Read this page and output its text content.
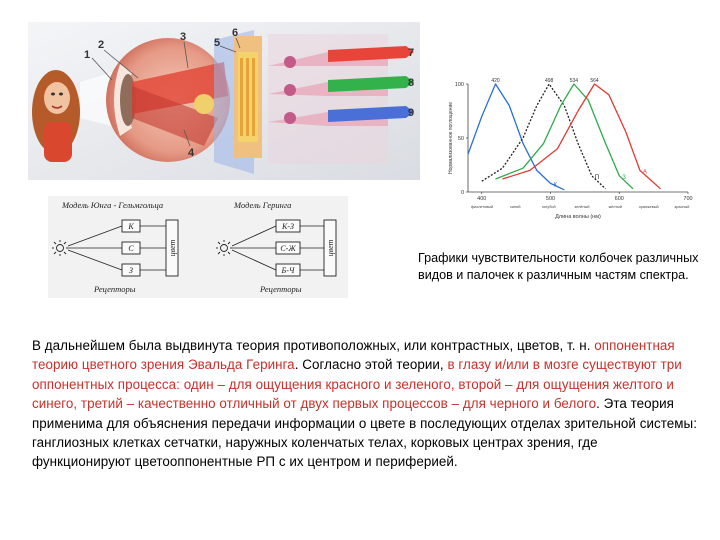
1
2
3
4
5
6
7
8
9
0
50
100
400	500	600	700
Длина волны (нм)
Нормализованное поглощение
фиолетовый	синий	голубой	зелёный	жёлтый	оранжевый	красный
420	498	534 564
К
П	З
А
Модель Юнга - Гельмгольца	Модель Геринга
Рецепторы	Рецепторы
К
С
З
цвет
К-З
С-Ж
Б-Ч
цвет
Графики чувствительности колбочек различных видов и палочек к различным частям спектра.
В дальнейшем была выдвинута теория противоположных, или контрастных, цветов, т. н. оппонентная теорию цветного зрения Эвальда Геринга. Согласно этой теории, в глазу и/или в мозге существуют три оппонентных процесса: один – для ощущения красного и зеленого, второй – для ощущения желтого и синего, третий – качественно отличный от двух первых процессов – для черного и белого. Эта теория применима для объяснения передачи информации о цвете в последующих отделах зрительной системы: ганглиозных клетках сетчатки, наружных коленчатых телах, корковых центрах зрения, где функционируют цветооппонентные РП с их центром и периферией.
